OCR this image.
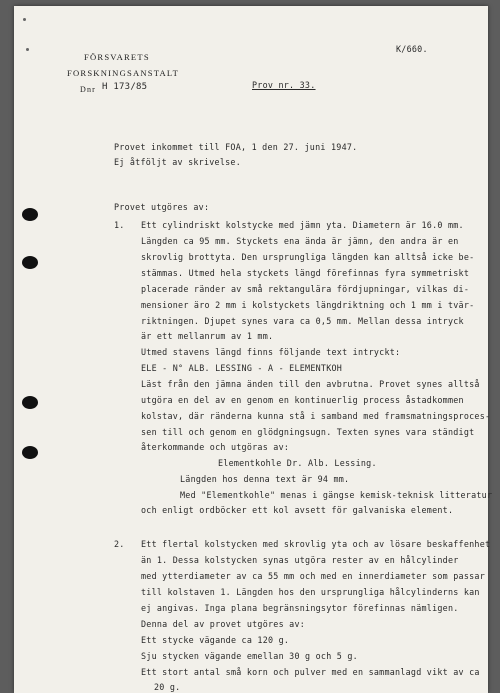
FÖRSVARETS
FORSKNINGSANSTALT
Dnr H 173/85
K/660.
Prov nr. 33.
Provet inkommet till FOA, 1 den 27. juni 1947.
Ej åtföljt av skrivelse.
Provet utgöres av:
1. Ett cylindriskt kolstycke med jämn yta. Diametern är 16.0 mm.
Längden ca 95 mm. Styckets ena ända är jämn, den andra är en
skrovlig brottyta. Den ursprungliga längden kan alltså icke be-
stämmas. Utmed hela styckets längd förefinnas fyra symmetriskt
placerade ränder av små rektangulära fördjupningar, vilkas di-
mensioner äro 2 mm i kolstyckets längdriktning och 1 mm i tvär-
riktningen. Djupet synes vara ca 0,5 mm. Mellan dessa intryck
är ett mellanrum av 1 mm.
Utmed stavens längd finns följande text intryckt:
ELE - N° ALB. LESSING - A - ELEMENTKOH
Läst från den jämna änden till den avbrutna. Provet synes alltså
utgöra en del av en genom en kontinuerlig process åstadkommen
kolstav, där ränderna kunna stå i samband med framsmatningsproces-
sen till och genom en glödgningsugn. Texten synes vara ständigt
återkommande och utgöras av:
Elementkohle Dr. Alb. Lessing.
Längden hos denna text är 94 mm.
Med "Elementkohle" menas i gängse kemisk-teknisk litteratur
och enligt ordböcker ett kol avsett för galvaniska element.
2. Ett flertal kolstycken med skrovlig yta och av lösare beskaffenhet
än 1. Dessa kolstycken synas utgöra rester av en hålcylinder
med ytterdiameter av ca 55 mm och med en innerdiameter som passar
till kolstaven 1. Längden hos den ursprungliga hålcylinderns kan
ej angivas. Inga plana begränsningsytor förefinnas nämligen.
Denna del av provet utgöres av:
Ett stycke vägande ca 120 g.
Sju stycken vägande emellan 30 g och 5 g.
Ett stort antal små korn och pulver med en sammanlagd vikt av ca
20 g.
